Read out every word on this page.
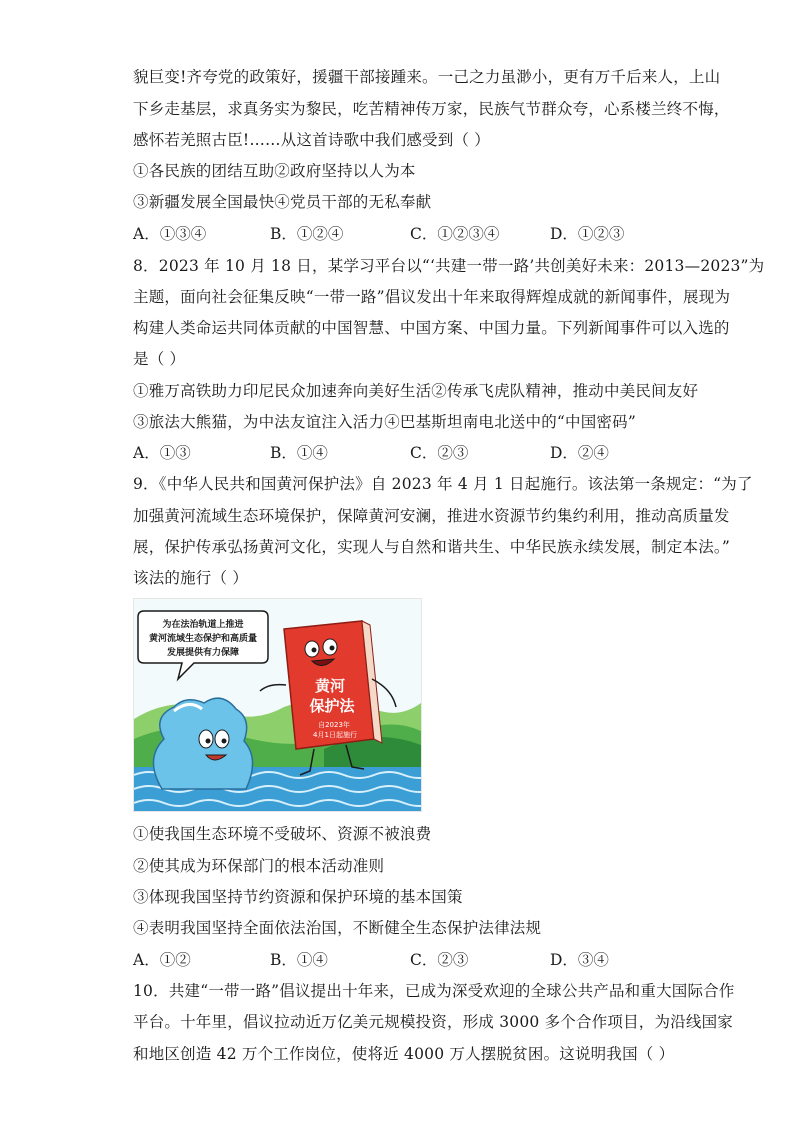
貌巨变!齐夸党的政策好，援疆干部接踵来。一己之力虽渺小，更有万千后来人，上山
下乡走基层，求真务实为黎民，吃苦精神传万家，民族气节群众夸，心系楼兰终不悔，
感怀若羌照古臣!……从这首诗歌中我们感受到（ ）
①各民族的团结互助②政府坚持以人为本
③新疆发展全国最快④党员干部的无私奉献
A．①③④	B．①②④	C．①②③④	D．①②③
8．2023 年 10 月 18 日，某学习平台以“‘共建一带一路’共创美好未来：2013—2023”为
主题，面向社会征集反映“一带一路”倡议发出十年来取得辉煌成就的新闻事件，展现为
构建人类命运共同体贡献的中国智慧、中国方案、中国力量。下列新闻事件可以入选的
是（ ）
①雅万高铁助力印尼民众加速奔向美好生活②传承飞虎队精神，推动中美民间友好
③旅法大熊猫，为中法友谊注入活力④巴基斯坦南电北送中的“中国密码”
A．①③	B．①④	C．②③	D．②④
9．《中华人民共和国黄河保护法》自 2023 年 4 月 1 日起施行。该法第一条规定：“为了
加强黄河流域生态环境保护，保障黄河安澜，推进水资源节约集约利用，推动高质量发
展，保护传承弘扬黄河文化，实现人与自然和谐共生、中华民族永续发展，制定本法。”
该法的施行（ ）
为在法治轨道上推进
黄河流域生态保护和高质量
发展提供有力保障
黄河
保护法
自2023年
4月1日起施行
①使我国生态环境不受破坏、资源不被浪费
②使其成为环保部门的根本活动准则
③体现我国坚持节约资源和保护环境的基本国策
④表明我国坚持全面依法治国，不断健全生态保护法律法规
A．①②	B．①④	C．②③	D．③④
10．共建“一带一路”倡议提出十年来，已成为深受欢迎的全球公共产品和重大国际合作
平台。十年里，倡议拉动近万亿美元规模投资，形成 3000 多个合作项目，为沿线国家
和地区创造 42 万个工作岗位，使将近 4000 万人摆脱贫困。这说明我国（ ）
